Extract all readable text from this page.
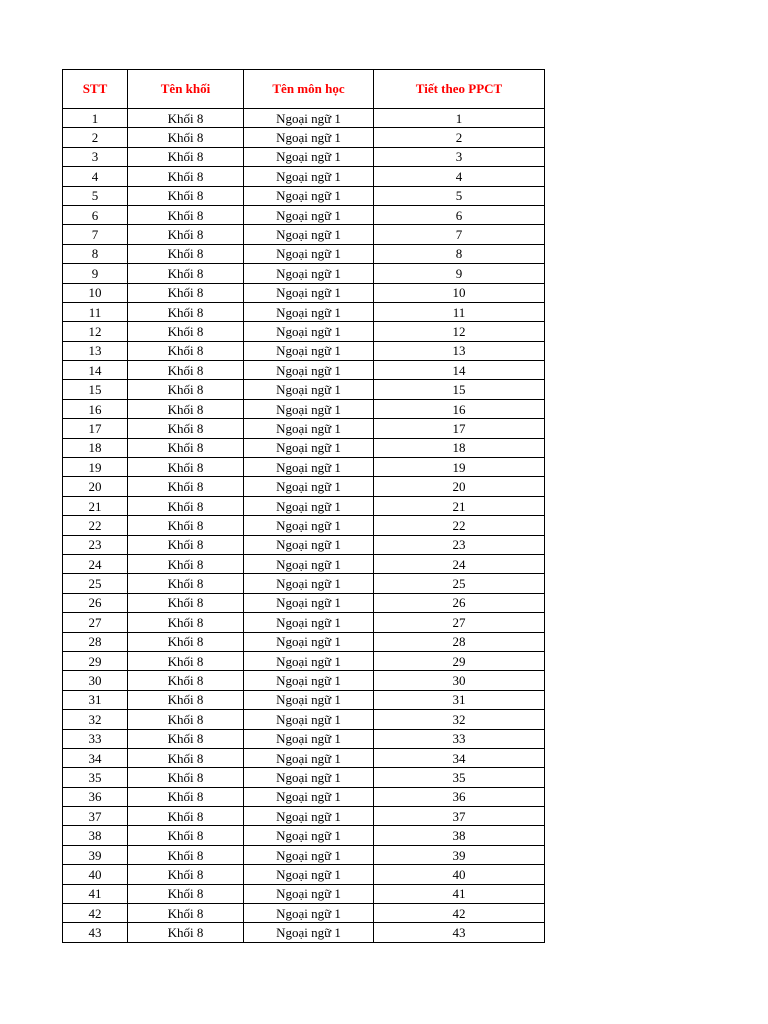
STT	Tên khối	Tên môn học	Tiết theo PPCT
1	Khối 8	Ngoại ngữ 1	1
2	Khối 8	Ngoại ngữ 1	2
3	Khối 8	Ngoại ngữ 1	3
4	Khối 8	Ngoại ngữ 1	4
5	Khối 8	Ngoại ngữ 1	5
6	Khối 8	Ngoại ngữ 1	6
7	Khối 8	Ngoại ngữ 1	7
8	Khối 8	Ngoại ngữ 1	8
9	Khối 8	Ngoại ngữ 1	9
10	Khối 8	Ngoại ngữ 1	10
11	Khối 8	Ngoại ngữ 1	11
12	Khối 8	Ngoại ngữ 1	12
13	Khối 8	Ngoại ngữ 1	13
14	Khối 8	Ngoại ngữ 1	14
15	Khối 8	Ngoại ngữ 1	15
16	Khối 8	Ngoại ngữ 1	16
17	Khối 8	Ngoại ngữ 1	17
18	Khối 8	Ngoại ngữ 1	18
19	Khối 8	Ngoại ngữ 1	19
20	Khối 8	Ngoại ngữ 1	20
21	Khối 8	Ngoại ngữ 1	21
22	Khối 8	Ngoại ngữ 1	22
23	Khối 8	Ngoại ngữ 1	23
24	Khối 8	Ngoại ngữ 1	24
25	Khối 8	Ngoại ngữ 1	25
26	Khối 8	Ngoại ngữ 1	26
27	Khối 8	Ngoại ngữ 1	27
28	Khối 8	Ngoại ngữ 1	28
29	Khối 8	Ngoại ngữ 1	29
30	Khối 8	Ngoại ngữ 1	30
31	Khối 8	Ngoại ngữ 1	31
32	Khối 8	Ngoại ngữ 1	32
33	Khối 8	Ngoại ngữ 1	33
34	Khối 8	Ngoại ngữ 1	34
35	Khối 8	Ngoại ngữ 1	35
36	Khối 8	Ngoại ngữ 1	36
37	Khối 8	Ngoại ngữ 1	37
38	Khối 8	Ngoại ngữ 1	38
39	Khối 8	Ngoại ngữ 1	39
40	Khối 8	Ngoại ngữ 1	40
41	Khối 8	Ngoại ngữ 1	41
42	Khối 8	Ngoại ngữ 1	42
43	Khối 8	Ngoại ngữ 1	43
